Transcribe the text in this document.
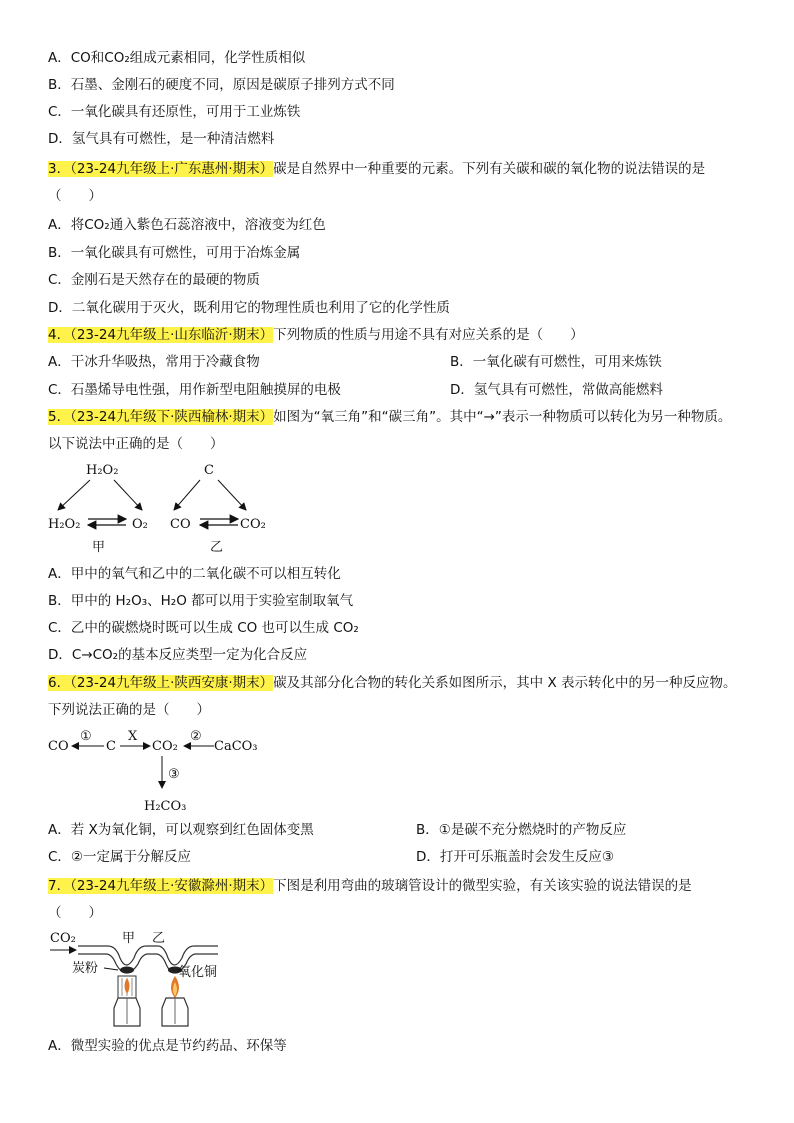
A．CO和CO₂组成元素相同，化学性质相似
B．石墨、金刚石的硬度不同，原因是碳原子排列方式不同
C．一氧化碳具有还原性，可用于工业炼铁
D．氢气具有可燃性，是一种清洁燃料
3．（23-24九年级上·广东惠州·期末）碳是自然界中一种重要的元素。下列有关碳和碳的氧化物的说法错误的是
（　　）
A．将CO₂通入紫色石蕊溶液中，溶液变为红色
B．一氧化碳具有可燃性，可用于冶炼金属
C．金刚石是天然存在的最硬的物质
D．二氧化碳用于灭火，既利用它的物理性质也利用了它的化学性质
4．（23-24九年级上·山东临沂·期末）下列物质的性质与用途不具有对应关系的是（　　）
A．干冰升华吸热，常用于冷藏食物	B．一氧化碳有可燃性，可用来炼铁
C．石墨烯导电性强，用作新型电阻触摸屏的电极	D．氢气具有可燃性，常做高能燃料
5．（23-24九年级下·陕西榆林·期末）如图为“氧三角”和“碳三角”。其中“→”表示一种物质可以转化为另一种物质。
以下说法中正确的是（　　）
H₂O₂
H₂O₂	O₂
甲
C
CO	CO₂
乙
A．甲中的氧气和乙中的二氧化碳不可以相互转化
B．甲中的 H₂O₃、H₂O 都可以用于实验室制取氧气
C．乙中的碳燃烧时既可以生成 CO 也可以生成 CO₂
D．C→CO₂的基本反应类型一定为化合反应
6．（23-24九年级上·陕西安康·期末）碳及其部分化合物的转化关系如图所示，其中 X 表示转化中的另一种反应物。
下列说法正确的是（　　）
CO
①
C
X
CO₂
②
CaCO₃
③
H₂CO₃
A．若 X为氧化铜，可以观察到红色固体变黑	B．①是碳不充分燃烧时的产物反应
C．②一定属于分解反应	D．打开可乐瓶盖时会发生反应③
7．（23-24九年级上·安徽滁州·期末）下图是利用弯曲的玻璃管设计的微型实验，有关该实验的说法错误的是
（　　）
CO₂	甲 乙
炭粉	氧化铜
A．微型实验的优点是节约药品、环保等
